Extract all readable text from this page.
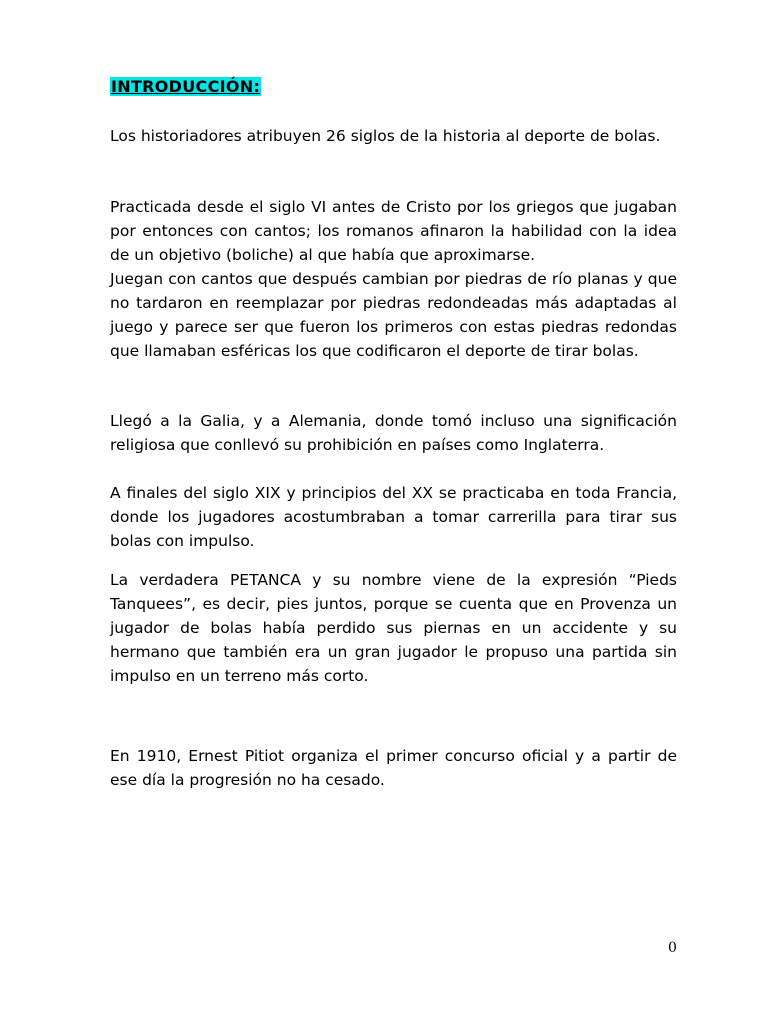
INTRODUCCIÓN:

Los historiadores atribuyen 26 siglos de la historia al deporte de bolas.

Practicada desde el siglo VI antes de Cristo por los griegos que jugaban por entonces con cantos; los romanos afinaron la habilidad con la idea de un objetivo (boliche) al que había que aproximarse.

Juegan con cantos que después cambian por piedras de río planas y que no tardaron en reemplazar por piedras redondeadas más adaptadas al juego y parece ser que fueron los primeros con estas piedras redondas que llamaban esféricas los que codificaron el deporte de tirar bolas.

Llegó a la Galia, y a Alemania, donde tomó incluso una significación religiosa que conllevó su prohibición en países como Inglaterra.

A finales del siglo XIX y principios del XX se practicaba en toda Francia, donde los jugadores acostumbraban a tomar carrerilla para tirar sus bolas con impulso.

La verdadera PETANCA y su nombre viene de la expresión “Pieds Tanquees”, es decir, pies juntos, porque se cuenta que en Provenza un jugador de bolas había perdido sus piernas en un accidente y su hermano que también era un gran jugador le propuso una partida sin impulso en un terreno más corto.

En 1910, Ernest Pitiot organiza el primer concurso oficial y a partir de ese día la progresión no ha cesado.

0
